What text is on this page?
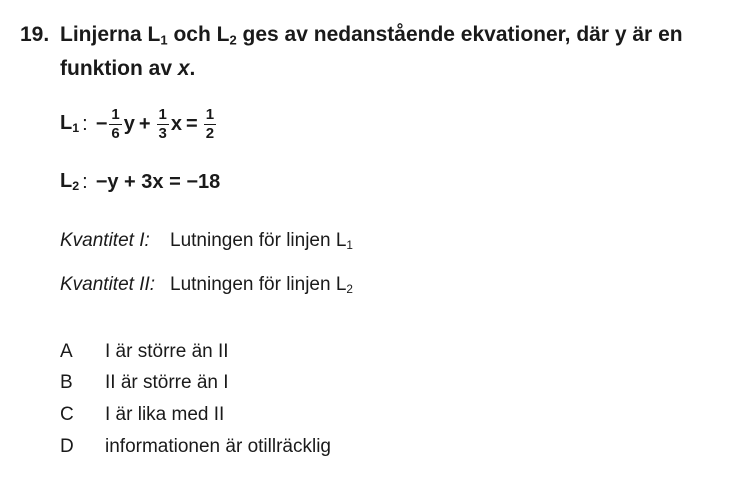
19. Linjerna $L_1$ och $L_2$ ges av nedanstående ekvationer, där y är en funktion av x.
$L_1$ : − $\frac{1}{6}$ $y + \frac{1}{3}$ $x = \frac{1}{2}$
$L_2$ : −y + 3x = −18
Kvantitet I: Lutningen för linjen $L_1$
Kvantitet II: Lutningen för linjen $L_2$
A I är större än II
B II är större än I
C I är lika med II
D informationen är otillräcklig
